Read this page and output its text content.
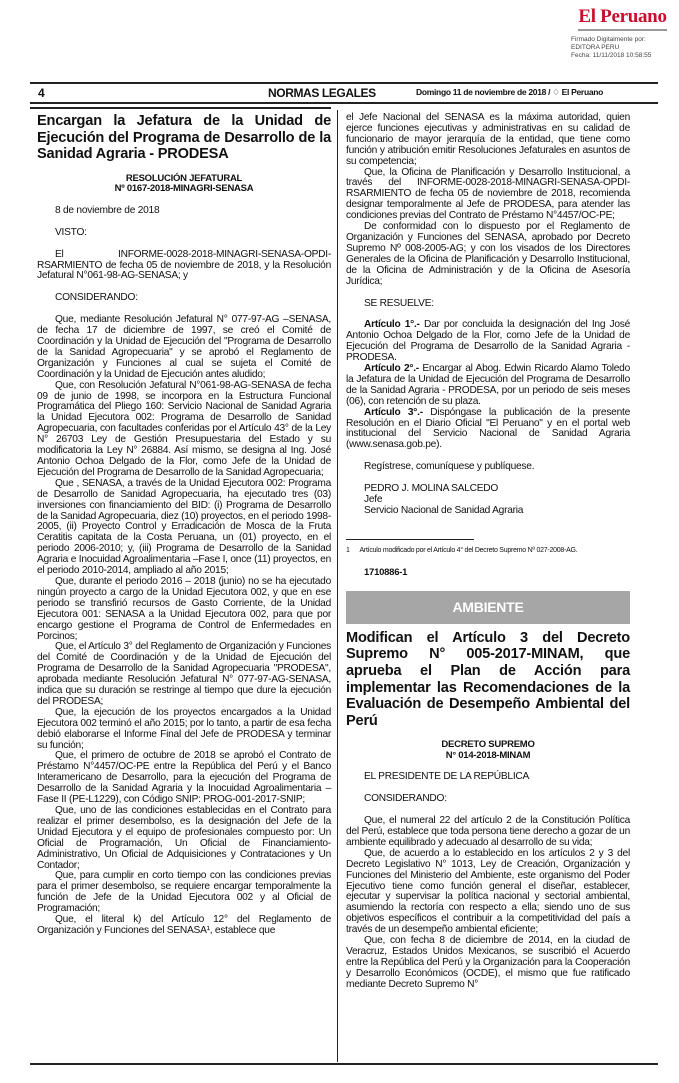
El Peruano
Firmado Digitalmente por:
EDITORA PERU
Fecha: 11/11/2018 10:58:55
4	NORMAS LEGALES	Domingo 11 de noviembre de 2018 / ♢ El Peruano

Encargan la Jefatura de la Unidad de Ejecución del Programa de Desarrollo de la Sanidad Agraria - PRODESA

RESOLUCIÓN JEFATURAL

Nº 0167-2018-MINAGRI-SENASA

8 de noviembre de 2018

VISTO:

El INFORME-0028-2018-MINAGRI-SENASA-OPDI-RSARMIENTO de fecha 05 de noviembre de 2018, y la Resolución Jefatural N°061-98-AG-SENASA; y

CONSIDERANDO:

Que, mediante Resolución Jefatural N° 077-97-AG –SENASA, de fecha 17 de diciembre de 1997, se creó el Comité de Coordinación y la Unidad de Ejecución del "Programa de Desarrollo de la Sanidad Agropecuaria" y se aprobó el Reglamento de Organización y Funciones al cual se sujeta el Comité de Coordinación y la Unidad de Ejecución antes aludido;

Que, con Resolución Jefatural N°061-98-AG-SENASA de fecha 09 de junio de 1998, se incorpora en la Estructura Funcional Programática del Pliego 160: Servicio Nacional de Sanidad Agraria la Unidad Ejecutora 002: Programa de Desarrollo de Sanidad Agropecuaria, con facultades conferidas por el Artículo 43° de la Ley N° 26703 Ley de Gestión Presupuestaria del Estado y su modificatoria la Ley N° 26884. Así mismo, se designa al Ing. José Antonio Ochoa Delgado de la Flor, como Jefe de la Unidad de Ejecución del Programa de Desarrollo de la Sanidad Agropecuaria;

Que , SENASA, a través de la Unidad Ejecutora 002: Programa de Desarrollo de Sanidad Agropecuaria, ha ejecutado tres (03) inversiones con financiamiento del BID: (i) Programa de Desarrollo de la Sanidad Agropecuaria, diez (10) proyectos, en el periodo 1998-2005, (ii) Proyecto Control y Erradicación de Mosca de la Fruta Ceratitis capitata de la Costa Peruana, un (01) proyecto, en el periodo 2006-2010; y, (iii) Programa de Desarrollo de la Sanidad Agraria e Inocuidad Agroalimentaria –Fase I, once (11) proyectos, en el periodo 2010-2014, ampliado al año 2015;

Que, durante el periodo 2016 – 2018 (junio) no se ha ejecutado ningún proyecto a cargo de la Unidad Ejecutora 002, y que en ese periodo se transfirió recursos de Gasto Corriente, de la Unidad Ejecutora 001: SENASA a la Unidad Ejecutora 002, para que por encargo gestione el Programa de Control de Enfermedades en Porcinos;

Que, el Artículo 3° del Reglamento de Organización y Funciones del Comité de Coordinación y de la Unidad de Ejecución del Programa de Desarrollo de la Sanidad Agropecuaria "PRODESA", aprobada mediante Resolución Jefatural N° 077-97-AG-SENASA, indica que su duración se restringe al tiempo que dure la ejecución del PRODESA;

Que, la ejecución de los proyectos encargados a la Unidad Ejecutora 002 terminó el año 2015; por lo tanto, a partir de esa fecha debió elaborarse el Informe Final del Jefe de PRODESA y terminar su función;

Que, el primero de octubre de 2018 se aprobó el Contrato de Préstamo N°4457/OC-PE entre la República del Perú y el Banco Interamericano de Desarrollo, para la ejecución del Programa de Desarrollo de la Sanidad Agraria y la Inocuidad Agroalimentaria – Fase II (PE-L1229), con Código SNIP: PROG-001-2017-SNIP;

Que, uno de las condiciones establecidas en el Contrato para realizar el primer desembolso, es la designación del Jefe de la Unidad Ejecutora y el equipo de profesionales compuesto por: Un Oficial de Programación, Un Oficial de Financiamiento-Administrativo, Un Oficial de Adquisiciones y Contrataciones y Un Contador;

Que, para cumplir en corto tiempo con las condiciones previas para el primer desembolso, se requiere encargar temporalmente la función de Jefe de la Unidad Ejecutora 002 y al Oficial de Programación;

Que, el literal k) del Artículo 12° del Reglamento de Organización y Funciones del SENASA¹, establece que

el Jefe Nacional del SENASA es la máxima autoridad, quien ejerce funciones ejecutivas y administrativas en su calidad de funcionario de mayor jerarquía de la entidad, que tiene como función y atribución emitir Resoluciones Jefaturales en asuntos de su competencia;

Que, la Oficina de Planificación y Desarrollo Institucional, a través del INFORME-0028-2018-MINAGRI-SENASA-OPDI-RSARMIENTO de fecha 05 de noviembre de 2018, recomienda designar temporalmente al Jefe de PRODESA, para atender las condiciones previas del Contrato de Préstamo N°4457/OC-PE;

De conformidad con lo dispuesto por el Reglamento de Organización y Funciones del SENASA, aprobado por Decreto Supremo Nº 008-2005-AG; y con los visados de los Directores Generales de la Oficina de Planificación y Desarrollo Institucional, de la Oficina de Administración y de la Oficina de Asesoría Jurídica;

SE RESUELVE:

Artículo 1°.- Dar por concluida la designación del Ing José Antonio Ochoa Delgado de la Flor, como Jefe de la Unidad de Ejecución del Programa de Desarrollo de la Sanidad Agraria - PRODESA.

Artículo 2°.- Encargar al Abog. Edwin Ricardo Alamo Toledo la Jefatura de la Unidad de Ejecución del Programa de Desarrollo de la Sanidad Agraria - PRODESA, por un periodo de seis meses (06), con retención de su plaza.

Artículo 3°.- Dispóngase la publicación de la presente Resolución en el Diario Oficial "El Peruano" y en el portal web institucional del Servicio Nacional de Sanidad Agraria (www.senasa.gob.pe).

Regístrese, comuníquese y publíquese.

PEDRO J. MOLINA SALCEDO

Jefe

Servicio Nacional de Sanidad Agraria

1 Artículo modificado por el Artículo 4° del Decreto Supremo Nº 027-2008-AG.

1710886-1

AMBIENTE

Modifican el Artículo 3 del Decreto Supremo N° 005-2017-MINAM, que aprueba el Plan de Acción para implementar las Recomendaciones de la Evaluación de Desempeño Ambiental del Perú

DECRETO SUPREMO

N° 014-2018-MINAM

EL PRESIDENTE DE LA REPÚBLICA

CONSIDERANDO:

Que, el numeral 22 del artículo 2 de la Constitución Política del Perú, establece que toda persona tiene derecho a gozar de un ambiente equilibrado y adecuado al desarrollo de su vida;

Que, de acuerdo a lo establecido en los artículos 2 y 3 del Decreto Legislativo N° 1013, Ley de Creación, Organización y Funciones del Ministerio del Ambiente, este organismo del Poder Ejecutivo tiene como función general el diseñar, establecer, ejecutar y supervisar la política nacional y sectorial ambiental, asumiendo la rectoría con respecto a ella; siendo uno de sus objetivos específicos el contribuir a la competitividad del país a través de un desempeño ambiental eficiente;

Que, con fecha 8 de diciembre de 2014, en la ciudad de Veracruz, Estados Unidos Mexicanos, se suscribió el Acuerdo entre la República del Perú y la Organización para la Cooperación y Desarrollo Económicos (OCDE), el mismo que fue ratificado mediante Decreto Supremo N°
